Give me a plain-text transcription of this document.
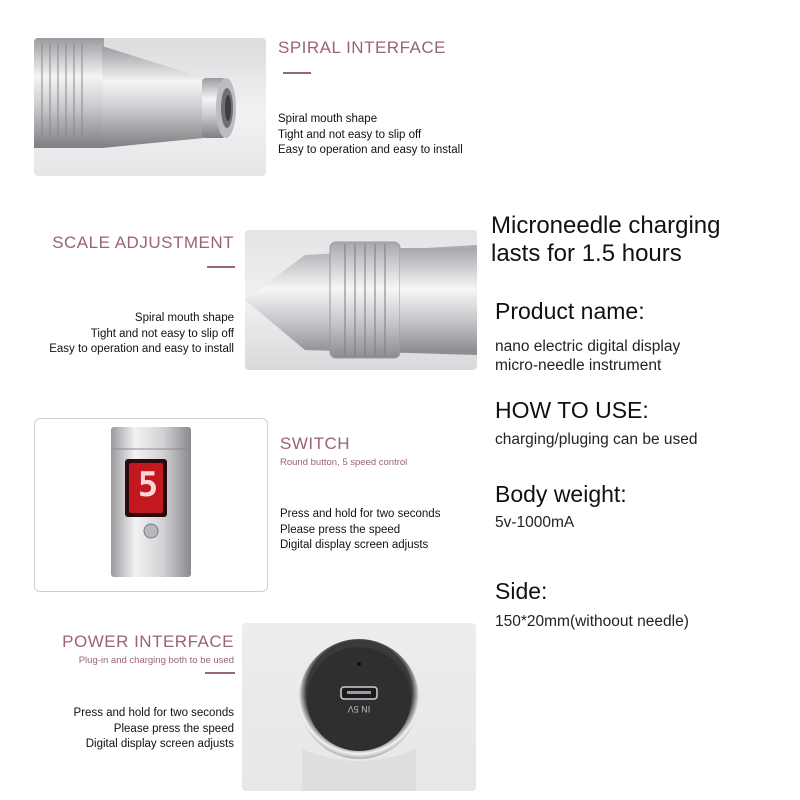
SPIRAL INTERFACE
Spiral mouth shape
Tight and not easy to slip off
Easy to operation and easy to install
SCALE ADJUSTMENT
Spiral mouth shape
Tight and not easy to slip off
Easy to operation and easy to install
5
SWITCH
Round button, 5 speed control
Press and hold for two seconds
Please press the speed
Digital display screen adjusts
POWER INTERFACE
Plug-in and charging both to be used
Press and hold for two seconds
Please press the speed
Digital display screen adjusts
IN 5V
Microneedle charging
lasts for 1.5 hours
Product name:
nano electric digital display
micro-needle instrument
HOW TO USE:
charging/pluging can be used
Body weight:
5v-1000mA
Side:
150*20mm(withoout needle)
